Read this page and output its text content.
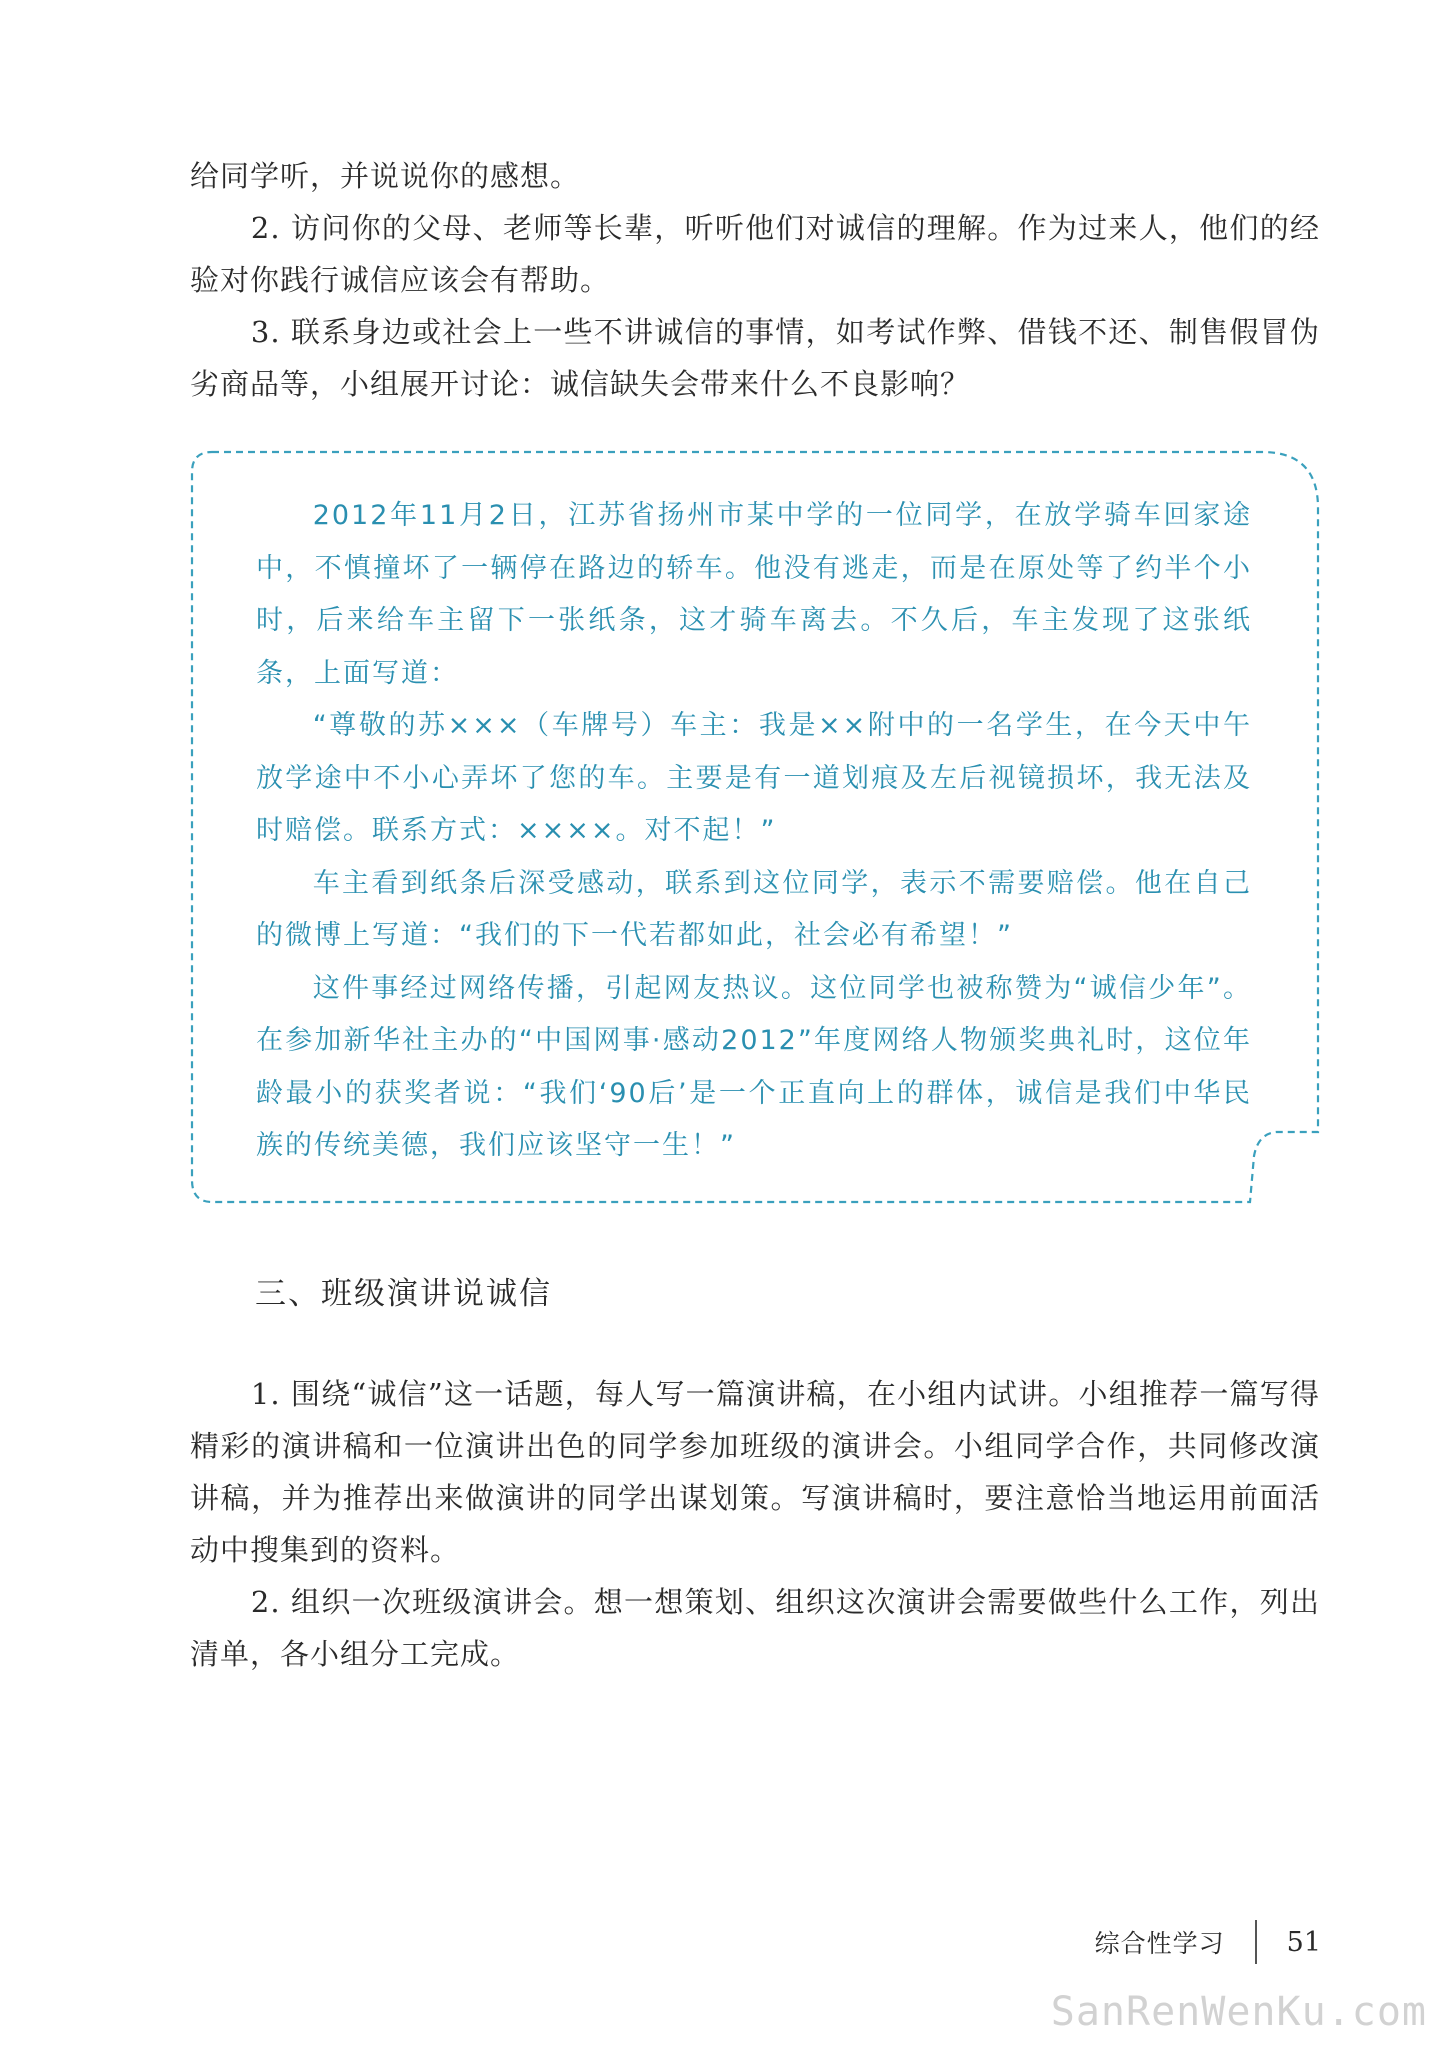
给同学听，并说说你的感想。

2. 访问你的父母、老师等长辈，听听他们对诚信的理解。作为过来人，他们的经验对你践行诚信应该会有帮助。

3. 联系身边或社会上一些不讲诚信的事情，如考试作弊、借钱不还、制售假冒伪劣商品等，小组展开讨论：诚信缺失会带来什么不良影响？

2012年11月2日，江苏省扬州市某中学的一位同学，在放学骑车回家途中，不慎撞坏了一辆停在路边的轿车。他没有逃走，而是在原处等了约半个小时，后来给车主留下一张纸条，这才骑车离去。不久后，车主发现了这张纸条，上面写道：

“尊敬的苏×××（车牌号）车主：我是××附中的一名学生，在今天中午放学途中不小心弄坏了您的车。主要是有一道划痕及左后视镜损坏，我无法及时赔偿。联系方式：××××。对不起！”

车主看到纸条后深受感动，联系到这位同学，表示不需要赔偿。他在自己的微博上写道：“我们的下一代若都如此，社会必有希望！”

这件事经过网络传播，引起网友热议。这位同学也被称赞为“诚信少年”。在参加新华社主办的“中国网事·感动2012”年度网络人物颁奖典礼时，这位年龄最小的获奖者说：“我们‘90后’是一个正直向上的群体，诚信是我们中华民族的传统美德，我们应该坚守一生！”

三、班级演讲说诚信

1. 围绕“诚信”这一话题，每人写一篇演讲稿，在小组内试讲。小组推荐一篇写得精彩的演讲稿和一位演讲出色的同学参加班级的演讲会。小组同学合作，共同修改演讲稿，并为推荐出来做演讲的同学出谋划策。写演讲稿时，要注意恰当地运用前面活动中搜集到的资料。

2. 组织一次班级演讲会。想一想策划、组织这次演讲会需要做些什么工作，列出清单，各小组分工完成。

综合性学习 51
SanRenWenKu.com
